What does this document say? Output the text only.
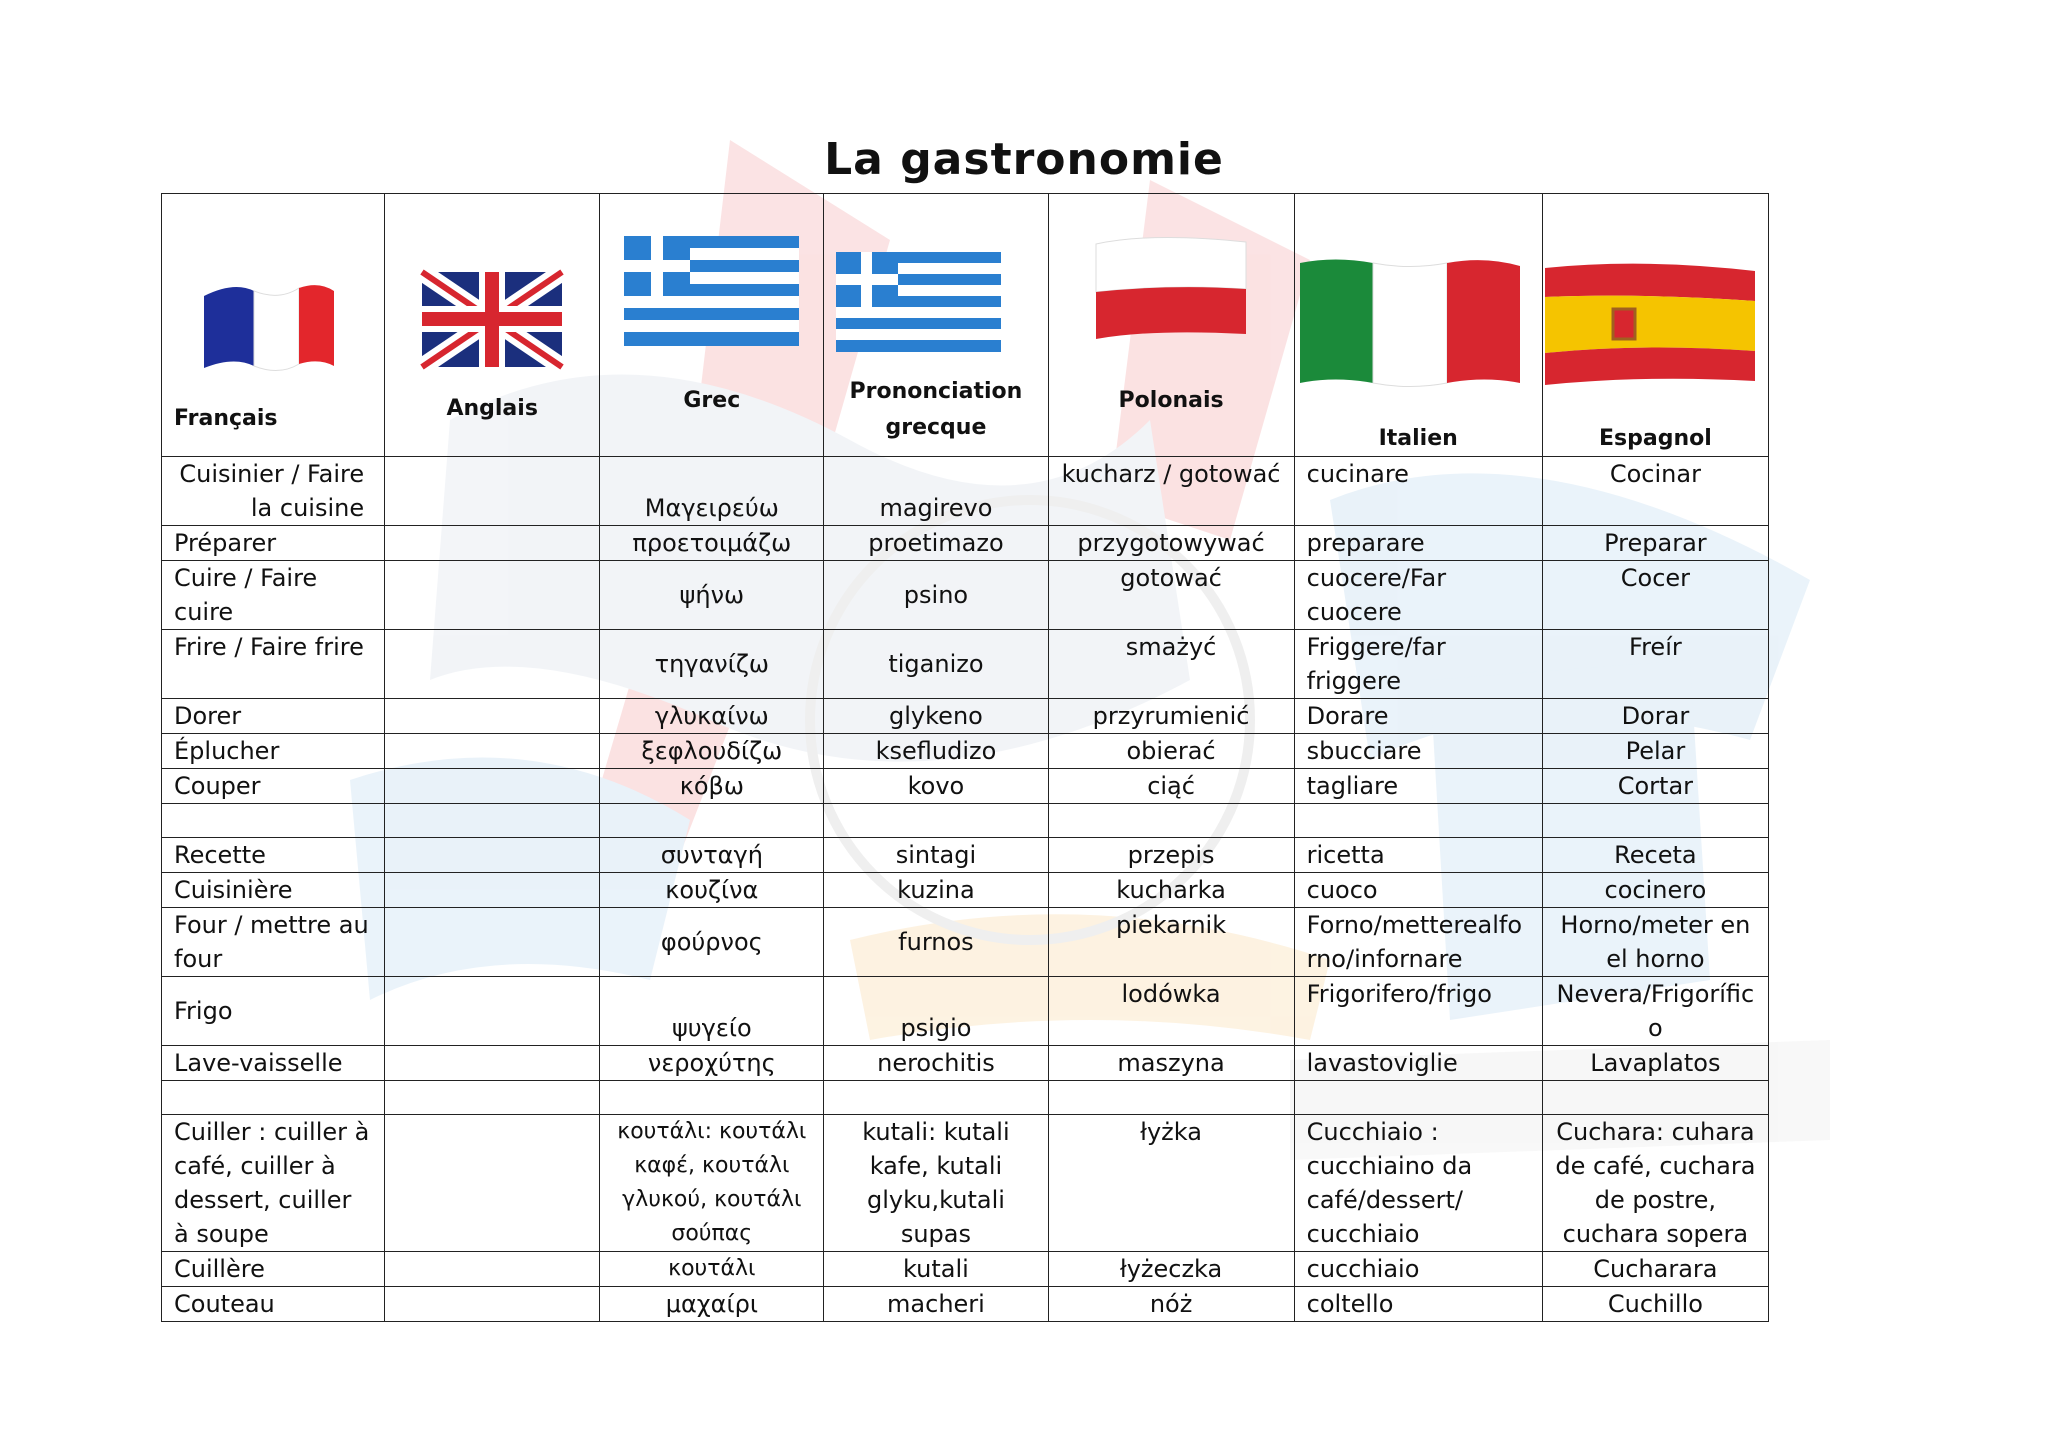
La gastronomie
Français	Anglais	Grec	Prononciation grecque	Polonais	Italien	Espagnol
Cuisinier / Faire la cuisine		Μαγειρεύω	magirevo	kucharz / gotować	cucinare	Cocinar
Préparer		προετοιμάζω	proetimazo	przygotowywać	preparare	Preparar
Cuire / Faire cuire		ψήνω	psino	gotować	cuocere/Far cuocere	Cocer
Frire / Faire frire		τηγανίζω	tiganizo	smażyć	Friggere/far friggere	Freír
Dorer		γλυκαίνω	glykeno	przyrumienić	Dorare	Dorar
Éplucher		ξεφλουδίζω	ksefludizo	obierać	sbucciare	Pelar
Couper		κόβω	kovo	ciąć	tagliare	Cortar

Recette		συνταγή	sintagi	przepis	ricetta	Receta
Cuisinière		κουζίνα	kuzina	kucharka	cuoco	cocinero
Four / mettre au four		φούρνος	furnos	piekarnik	Forno/metterealforno/infornare	Horno/meter en el horno
Frigo		ψυγείο	psigio	lodówka	Frigorifero/frigo	Nevera/Frigorífico
Lave-vaisselle		νεροχύτης	nerochitis	maszyna	lavastoviglie	Lavaplatos

Cuiller : cuiller à café, cuiller à dessert, cuiller à soupe		κουτάλι: κουτάλι καφέ, κουτάλι γλυκού, κουτάλι σούπας	kutali: kutali kafe, kutali glyku,kutali supas	łyżka	Cucchiaio : cucchiaino da café/dessert/ cucchiaio	Cuchara: cuhara de café, cuchara de postre, cuchara sopera
Cuillère		κουτάλι	kutali	łyżeczka	cucchiaio	Cucharara
Couteau		μαχαίρι	macheri	nóż	coltello	Cuchillo
